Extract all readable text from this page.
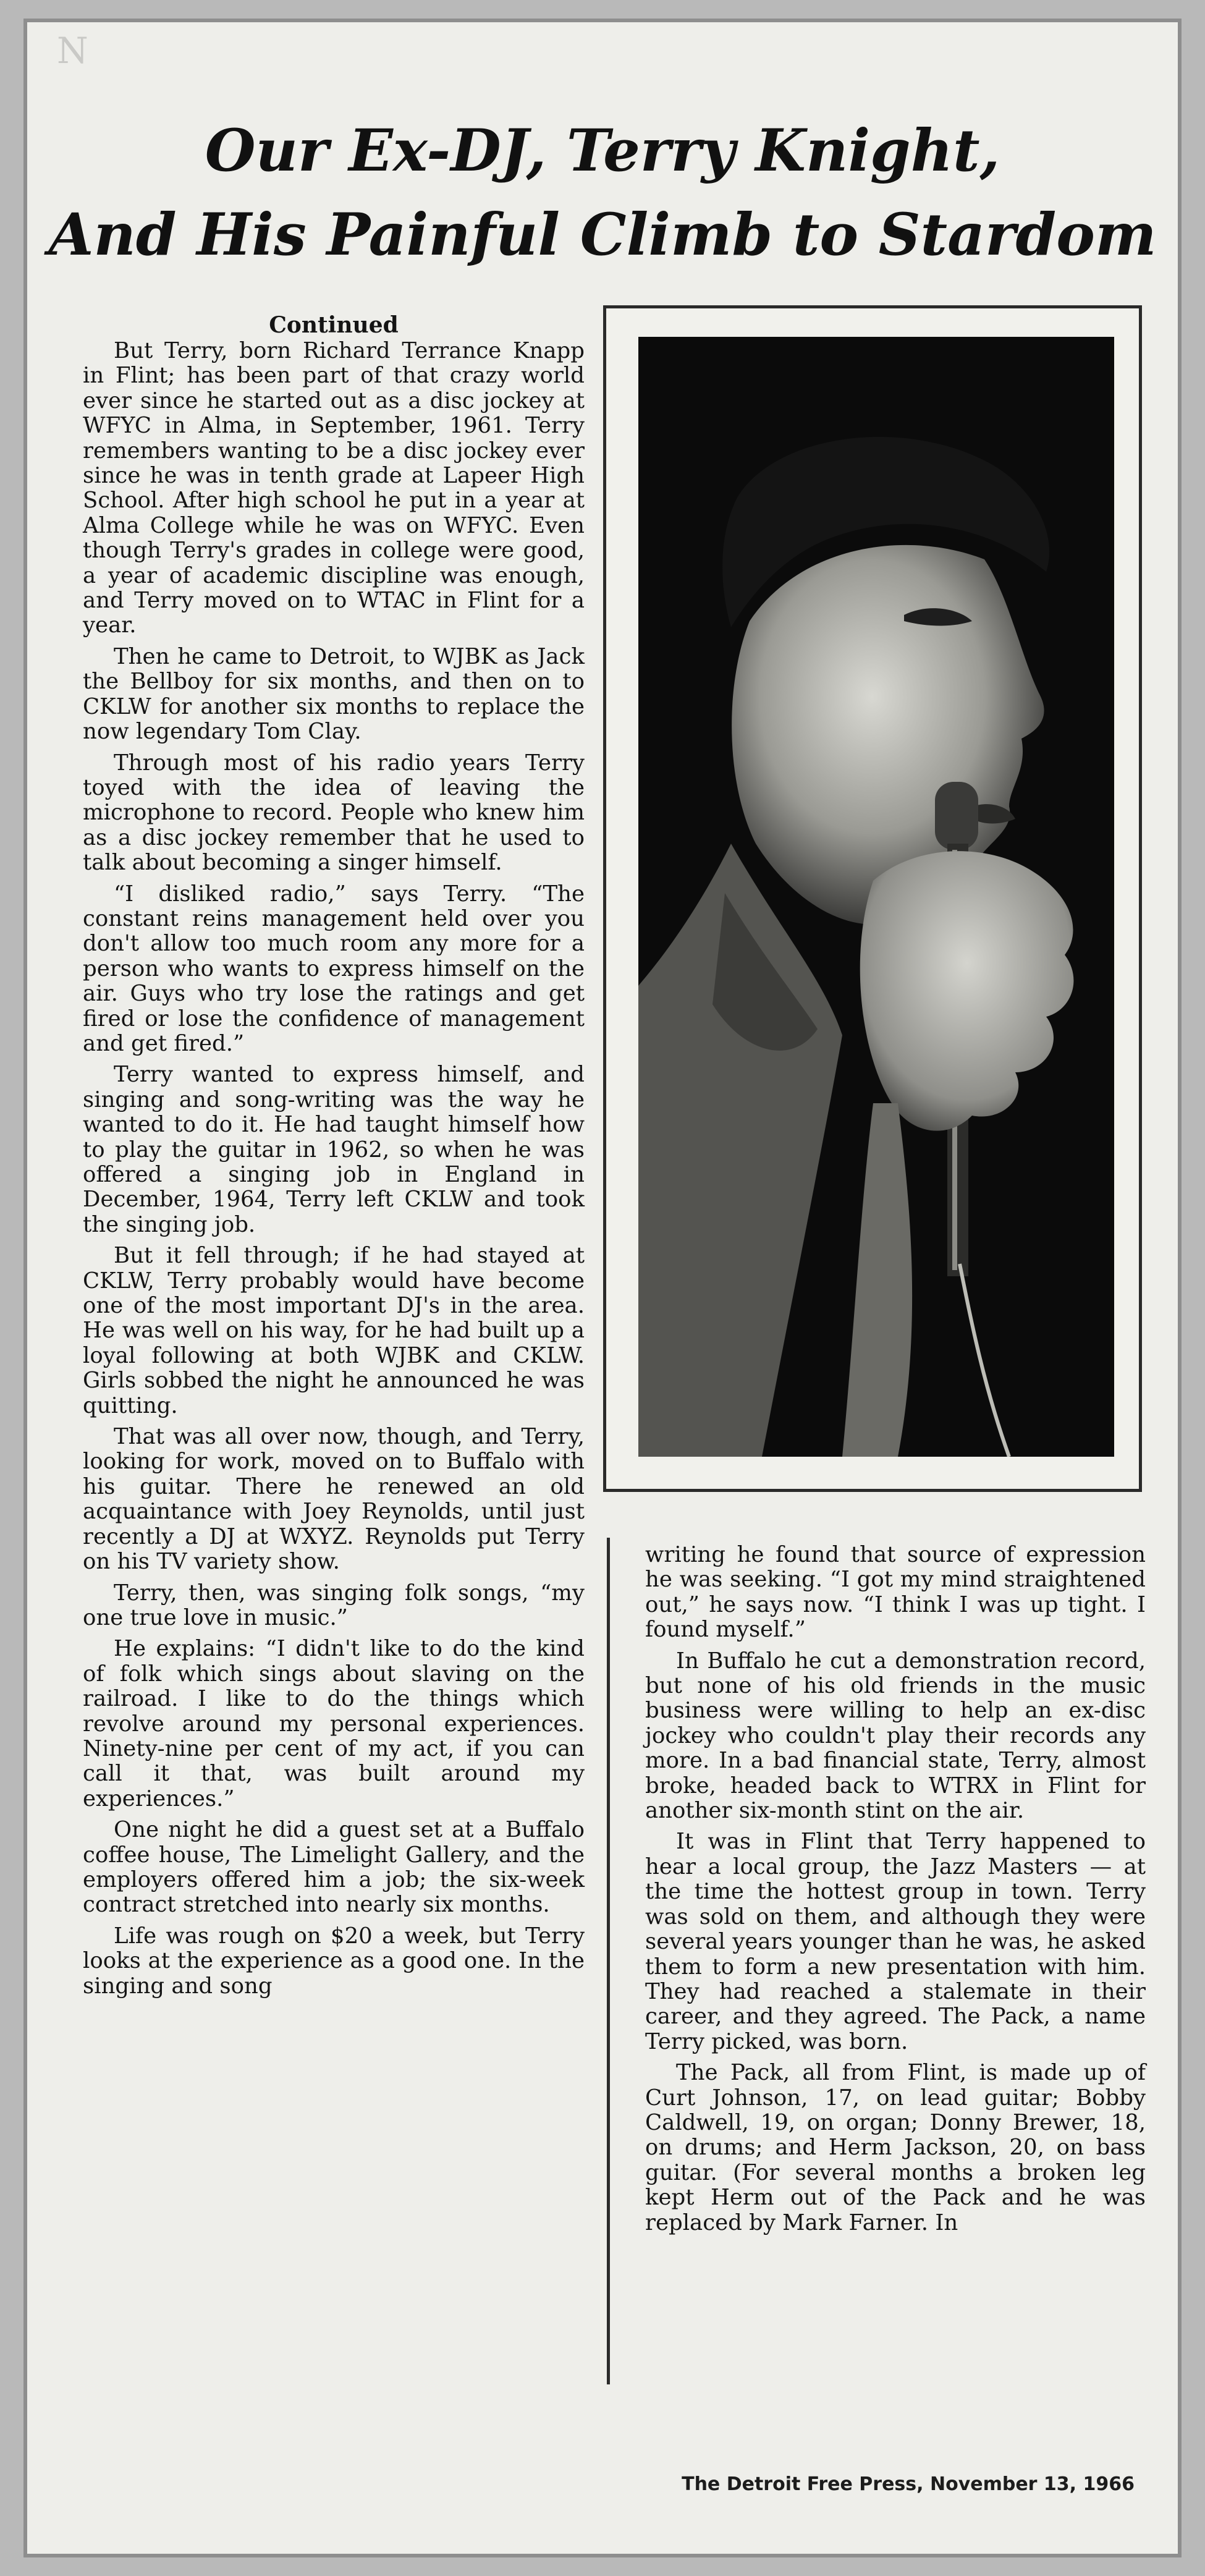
N
Our Ex-DJ, Terry Knight,
And His Painful Climb to Stardom
Continued

But Terry, born Richard Terrance Knapp in Flint; has been part of that crazy world ever since he started out as a disc jockey at WFYC in Alma, in September, 1961. Terry remembers wanting to be a disc jockey ever since he was in tenth grade at Lapeer High School. After high school he put in a year at Alma College while he was on WFYC. Even though Terry's grades in college were good, a year of academic discipline was enough, and Terry moved on to WTAC in Flint for a year.

Then he came to Detroit, to WJBK as Jack the Bellboy for six months, and then on to CKLW for another six months to replace the now legendary Tom Clay.

Through most of his radio years Terry toyed with the idea of leaving the microphone to record. People who knew him as a disc jockey remember that he used to talk about becoming a singer himself.

“I disliked radio,” says Terry. “The constant reins management held over you don't allow too much room any more for a person who wants to express himself on the air. Guys who try lose the ratings and get fired or lose the confidence of management and get fired.”

Terry wanted to express himself, and singing and song-writing was the way he wanted to do it. He had taught himself how to play the guitar in 1962, so when he was offered a singing job in England in December, 1964, Terry left CKLW and took the singing job.

But it fell through; if he had stayed at CKLW, Terry probably would have become one of the most important DJ's in the area. He was well on his way, for he had built up a loyal following at both WJBK and CKLW. Girls sobbed the night he announced he was quitting.

That was all over now, though, and Terry, looking for work, moved on to Buffalo with his guitar. There he renewed an old acquaintance with Joey Reynolds, until just recently a DJ at WXYZ. Reynolds put Terry on his TV variety show.

Terry, then, was singing folk songs, “my one true love in music.”

He explains: “I didn't like to do the kind of folk which sings about slaving on the railroad. I like to do the things which revolve around my personal experiences. Ninety-nine per cent of my act, if you can call it that, was built around my experiences.”

One night he did a guest set at a Buffalo coffee house, The Limelight Gallery, and the employers offered him a job; the six-week contract stretched into nearly six months.

Life was rough on $20 a week, but Terry looks at the experience as a good one. In the singing and song

writing he found that source of expression he was seeking. “I got my mind straightened out,” he says now. “I think I was up tight. I found myself.”

In Buffalo he cut a demonstration record, but none of his old friends in the music business were willing to help an ex-disc jockey who couldn't play their records any more. In a bad financial state, Terry, almost broke, headed back to WTRX in Flint for another six-month stint on the air.

It was in Flint that Terry happened to hear a local group, the Jazz Masters — at the time the hottest group in town. Terry was sold on them, and although they were several years younger than he was, he asked them to form a new presentation with him. They had reached a stalemate in their career, and they agreed. The Pack, a name Terry picked, was born.

The Pack, all from Flint, is made up of Curt Johnson, 17, on lead guitar; Bobby Caldwell, 19, on organ; Donny Brewer, 18, on drums; and Herm Jackson, 20, on bass guitar. (For several months a broken leg kept Herm out of the Pack and he was replaced by Mark Farner. In

The Detroit Free Press, November 13, 1966
